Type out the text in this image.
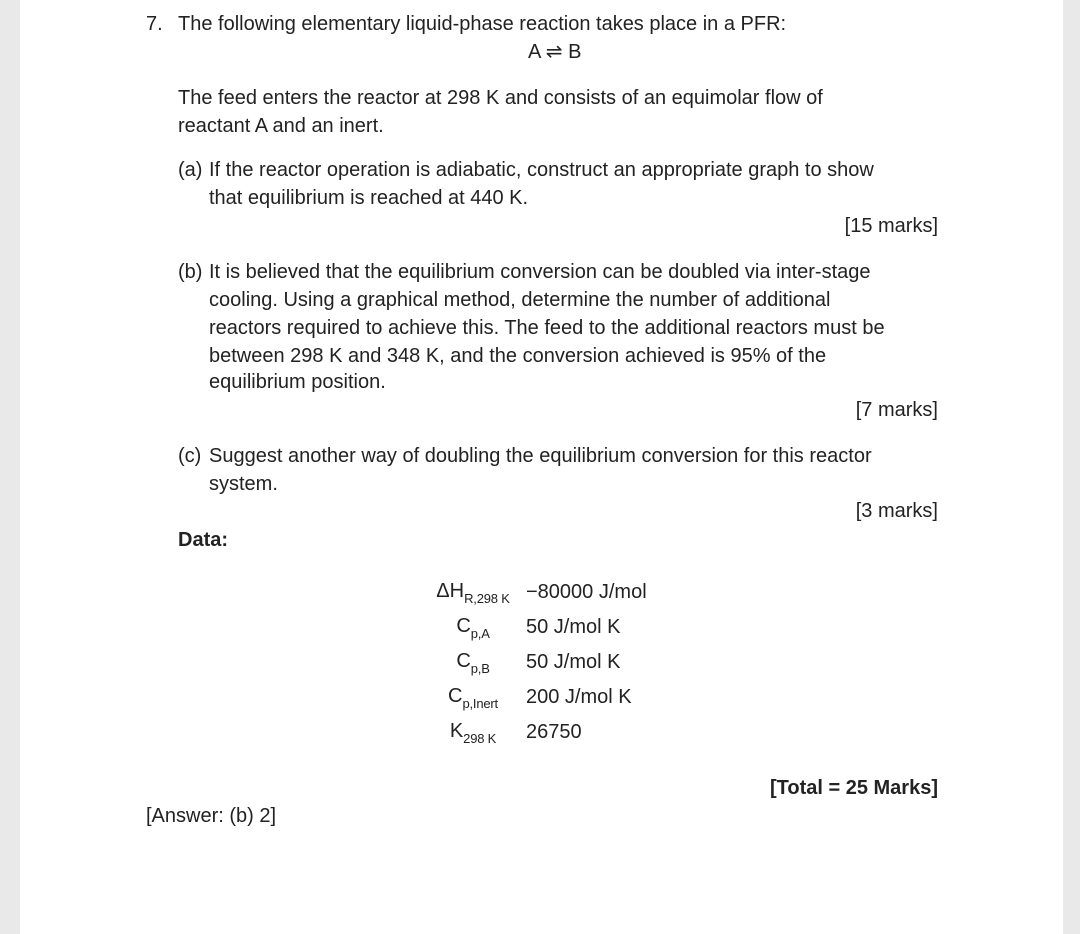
7. The following elementary liquid-phase reaction takes place in a PFR:
A ⇌ B
The feed enters the reactor at 298 K and consists of an equimolar flow of
reactant A and an inert.
(a) If the reactor operation is adiabatic, construct an appropriate graph to show
that equilibrium is reached at 440 K.
[15 marks]
(b) It is believed that the equilibrium conversion can be doubled via inter-stage
cooling. Using a graphical method, determine the number of additional
reactors required to achieve this. The feed to the additional reactors must be
between 298 K and 348 K, and the conversion achieved is 95% of the
equilibrium position.
[7 marks]
(c) Suggest another way of doubling the equilibrium conversion for this reactor
system.
[3 marks]
Data:
$\Delta H_{R,298 K}$	−80000 J/mol
$C_{p,A}$	50 J/mol K
$C_{p,B}$	50 J/mol K
$C_{p,Inert}$	200 J/mol K
$K_{298 K}$	26750
[Total = 25 Marks]
[Answer: (b) 2]
